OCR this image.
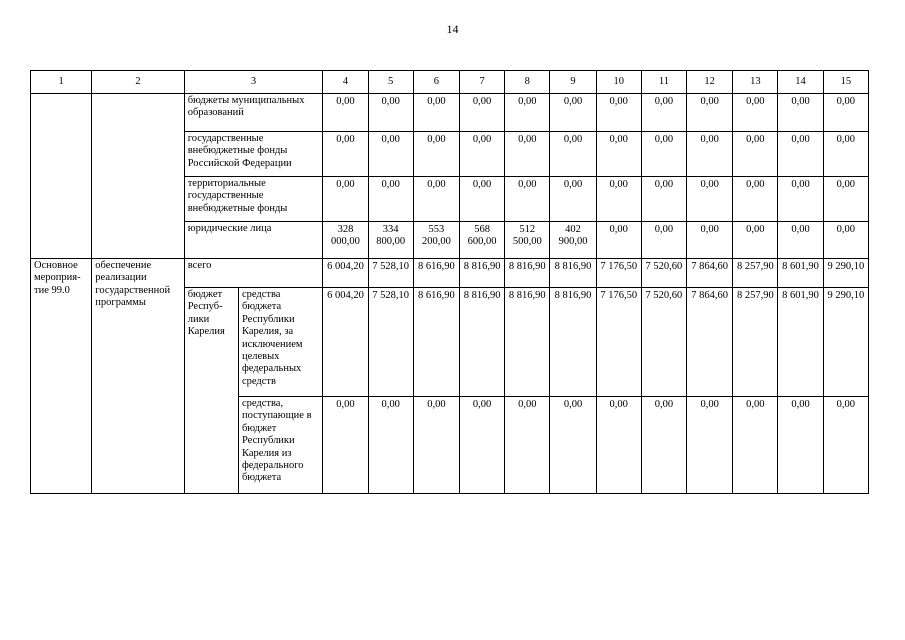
14
1	2	3		4	5	6	7	8	9	10	11	12	13	14	15
		бюджеты муниципальных образований		0,00	0,00	0,00	0,00	0,00	0,00	0,00	0,00	0,00	0,00	0,00	0,00
		государственные внебюджетные фонды Российской Федерации		0,00	0,00	0,00	0,00	0,00	0,00	0,00	0,00	0,00	0,00	0,00	0,00
		территориальные государственные внебюджетные фонды		0,00	0,00	0,00	0,00	0,00	0,00	0,00	0,00	0,00	0,00	0,00	0,00
		юридические лица		328 000,00	334 800,00	553 200,00	568 600,00	512 500,00	402 900,00	0,00	0,00	0,00	0,00	0,00	0,00
Основное мероприя-тие 99.0	обеспечение реализации государственной программы	всего		6 004,20	7 528,10	8 616,90	8 816,90	8 816,90	8 816,90	7 176,50	7 520,60	7 864,60	8 257,90	8 601,90	9 290,10
		бюджет Респуб-лики Карелия	средства бюджета Республики Карелия, за исключением целевых федеральных средств	6 004,20	7 528,10	8 616,90	8 816,90	8 816,90	8 816,90	7 176,50	7 520,60	7 864,60	8 257,90	8 601,90	9 290,10
			средства, поступающие в бюджет Республики Карелия из федерального бюджета	0,00	0,00	0,00	0,00	0,00	0,00	0,00	0,00	0,00	0,00	0,00	0,00
